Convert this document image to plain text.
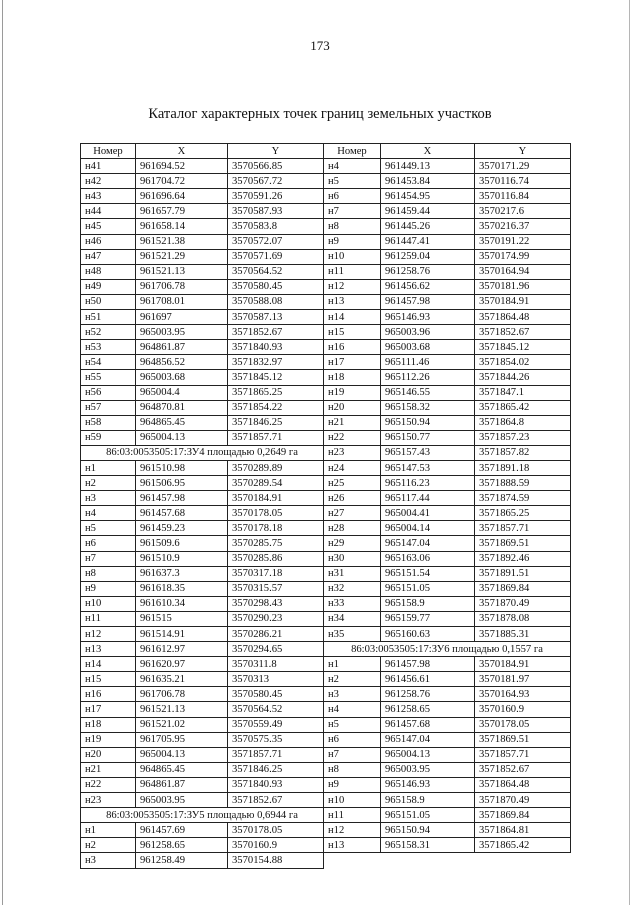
173
Каталог характерных точек границ земельных участков
Номер	X	Y
н41	961694.52	3570566.85
н42	961704.72	3570567.72
н43	961696.64	3570591.26
н44	961657.79	3570587.93
н45	961658.14	3570583.8
н46	961521.38	3570572.07
н47	961521.29	3570571.69
н48	961521.13	3570564.52
н49	961706.78	3570580.45
н50	961708.01	3570588.08
н51	961697	3570587.13
н52	965003.95	3571852.67
н53	964861.87	3571840.93
н54	964856.52	3571832.97
н55	965003.68	3571845.12
н56	965004.4	3571865.25
н57	964870.81	3571854.22
н58	964865.45	3571846.25
н59	965004.13	3571857.71
86:03:0053505:17:ЗУ4 площадью 0,2649 га		
н1	961510.98	3570289.89
н2	961506.95	3570289.54
н3	961457.98	3570184.91
н4	961457.68	3570178.05
н5	961459.23	3570178.18
н6	961509.6	3570285.75
н7	961510.9	3570285.86
н8	961637.3	3570317.18
н9	961618.35	3570315.57
н10	961610.34	3570298.43
н11	961515	3570290.23
н12	961514.91	3570286.21
н13	961612.97	3570294.65
н14	961620.97	3570311.8
н15	961635.21	3570313
н16	961706.78	3570580.45
н17	961521.13	3570564.52
н18	961521.02	3570559.49
н19	961705.95	3570575.35
н20	965004.13	3571857.71
н21	964865.45	3571846.25
н22	964861.87	3571840.93
н23	965003.95	3571852.67
86:03:0053505:17:ЗУ5 площадью 0,6944 га		
н1	961457.69	3570178.05
н2	961258.65	3570160.9
н3	961258.49	3570154.88
Номер	X	Y
н4	961449.13	3570171.29
н5	961453.84	3570116.74
н6	961454.95	3570116.84
н7	961459.44	3570217.6
н8	961445.26	3570216.37
н9	961447.41	3570191.22
н10	961259.04	3570174.99
н11	961258.76	3570164.94
н12	961456.62	3570181.96
н13	961457.98	3570184.91
н14	965146.93	3571864.48
н15	965003.96	3571852.67
н16	965003.68	3571845.12
н17	965111.46	3571854.02
н18	965112.26	3571844.26
н19	965146.55	3571847.1
н20	965158.32	3571865.42
н21	965150.94	3571864.8
н22	965150.77	3571857.23
н23	965157.43	3571857.82
н24	965147.53	3571891.18
н25	965116.23	3571888.59
н26	965117.44	3571874.59
н27	965004.41	3571865.25
н28	965004.14	3571857.71
н29	965147.04	3571869.51
н30	965163.06	3571892.46
н31	965151.54	3571891.51
н32	965151.05	3571869.84
н33	965158.9	3571870.49
н34	965159.77	3571878.08
н35	965160.63	3571885.31
86:03:0053505:17:ЗУ6 площадью 0,1557 га		
н1	961457.98	3570184.91
н2	961456.61	3570181.97
н3	961258.76	3570164.93
н4	961258.65	3570160.9
н5	961457.68	3570178.05
н6	965147.04	3571869.51
н7	965004.13	3571857.71
н8	965003.95	3571852.67
н9	965146.93	3571864.48
н10	965158.9	3571870.49
н11	965151.05	3571869.84
н12	965150.94	3571864.81
н13	965158.31	3571865.42
